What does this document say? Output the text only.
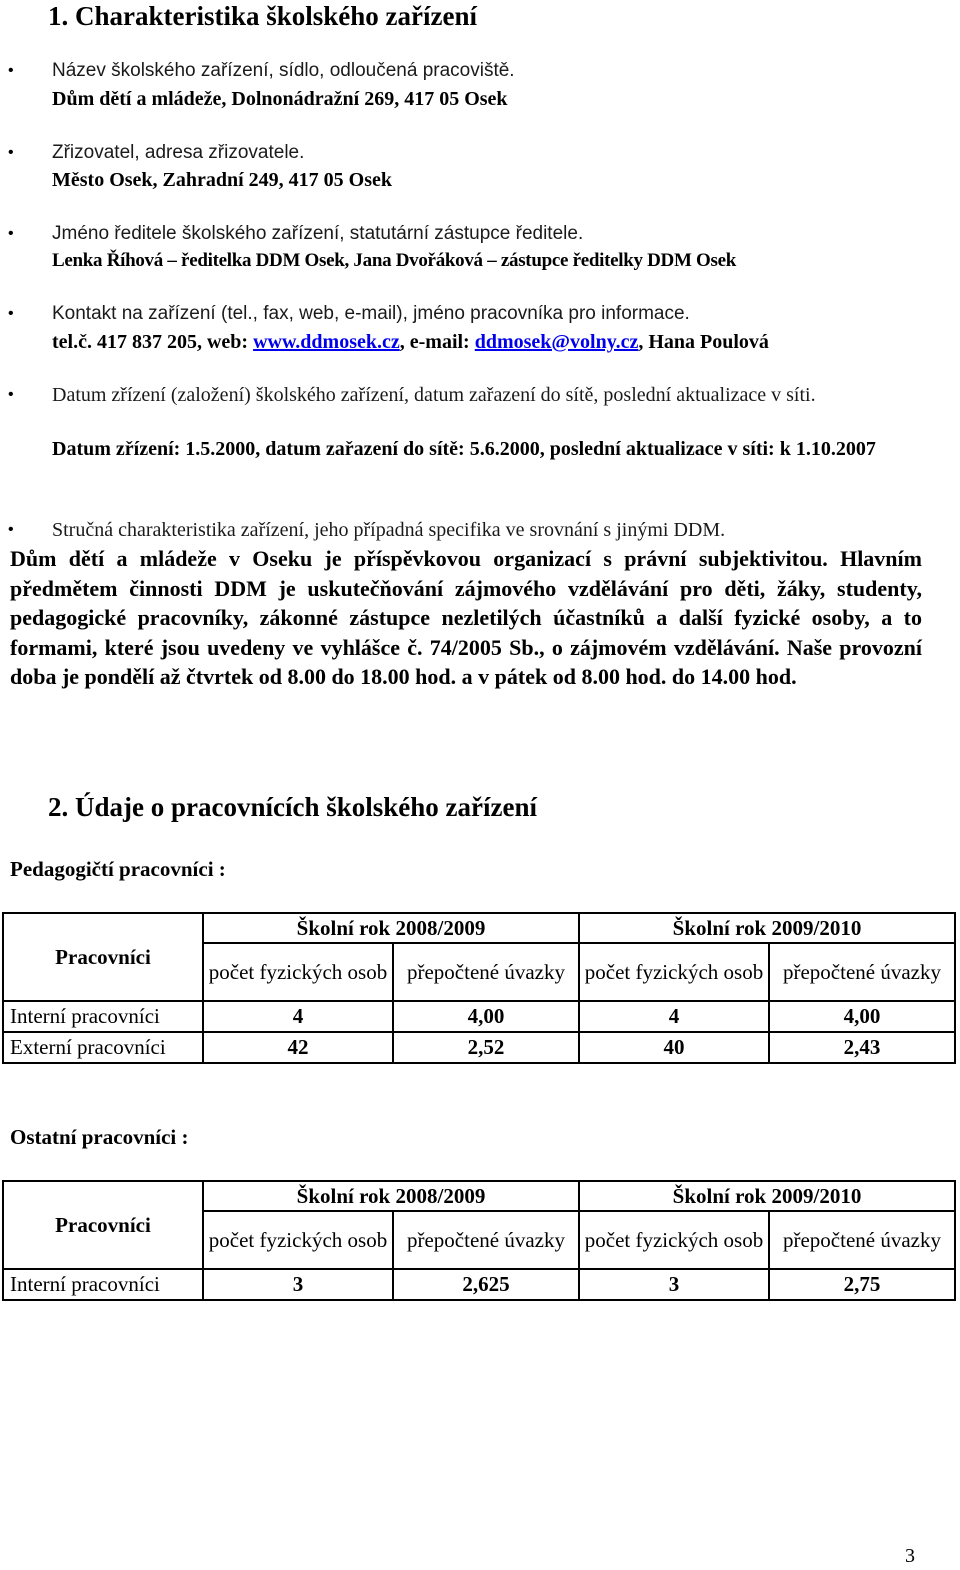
1. Charakteristika školského zařízení
• Název školského zařízení, sídlo, odloučená pracoviště.
Dům dětí a mládeže, Dolnonádražní 269, 417 05 Osek
• Zřizovatel, adresa zřizovatele.
Město Osek, Zahradní 249, 417 05 Osek
• Jméno ředitele školského zařízení, statutární zástupce ředitele.
Lenka Říhová – ředitelka DDM Osek, Jana Dvořáková – zástupce ředitelky DDM Osek
• Kontakt na zařízení (tel., fax, web, e-mail), jméno pracovníka pro informace.
tel.č. 417 837 205, web: www.ddmosek.cz, e-mail: ddmosek@volny.cz, Hana Poulová
• Datum zřízení (založení) školského zařízení, datum zařazení do sítě, poslední aktualizace v síti.
Datum zřízení: 1.5.2000, datum zařazení do sítě: 5.6.2000, poslední aktualizace v síti: k 1.10.2007
• Stručná charakteristika zařízení, jeho případná specifika ve srovnání s jinými DDM.
Dům dětí a mládeže v Oseku je příspěvkovou organizací s právní subjektivitou. Hlavním předmětem činnosti DDM je uskutečňování zájmového vzdělávání pro děti, žáky, studenty, pedagogické pracovníky, zákonné zástupce nezletilých účastníků a další fyzické osoby, a to formami, které jsou uvedeny ve vyhlášce č. 74/2005 Sb., o zájmovém vzdělávání. Naše provozní doba je pondělí až čtvrtek od 8.00 do 18.00 hod. a v pátek od 8.00 hod. do 14.00 hod.
2. Údaje o pracovnících školského zařízení
Pedagogičtí pracovníci :
Pracovníci	Školní rok 2008/2009		Školní rok 2009/2010	
	počet fyzických osob	přepočtené úvazky	počet fyzických osob	přepočtené úvazky
Interní pracovníci	4	4,00	4	4,00
Externí pracovníci	42	2,52	40	2,43
Ostatní pracovníci :
Pracovníci	Školní rok 2008/2009		Školní rok 2009/2010	
	počet fyzických osob	přepočtené úvazky	počet fyzických osob	přepočtené úvazky
Interní pracovníci	3	2,625	3	2,75
3
